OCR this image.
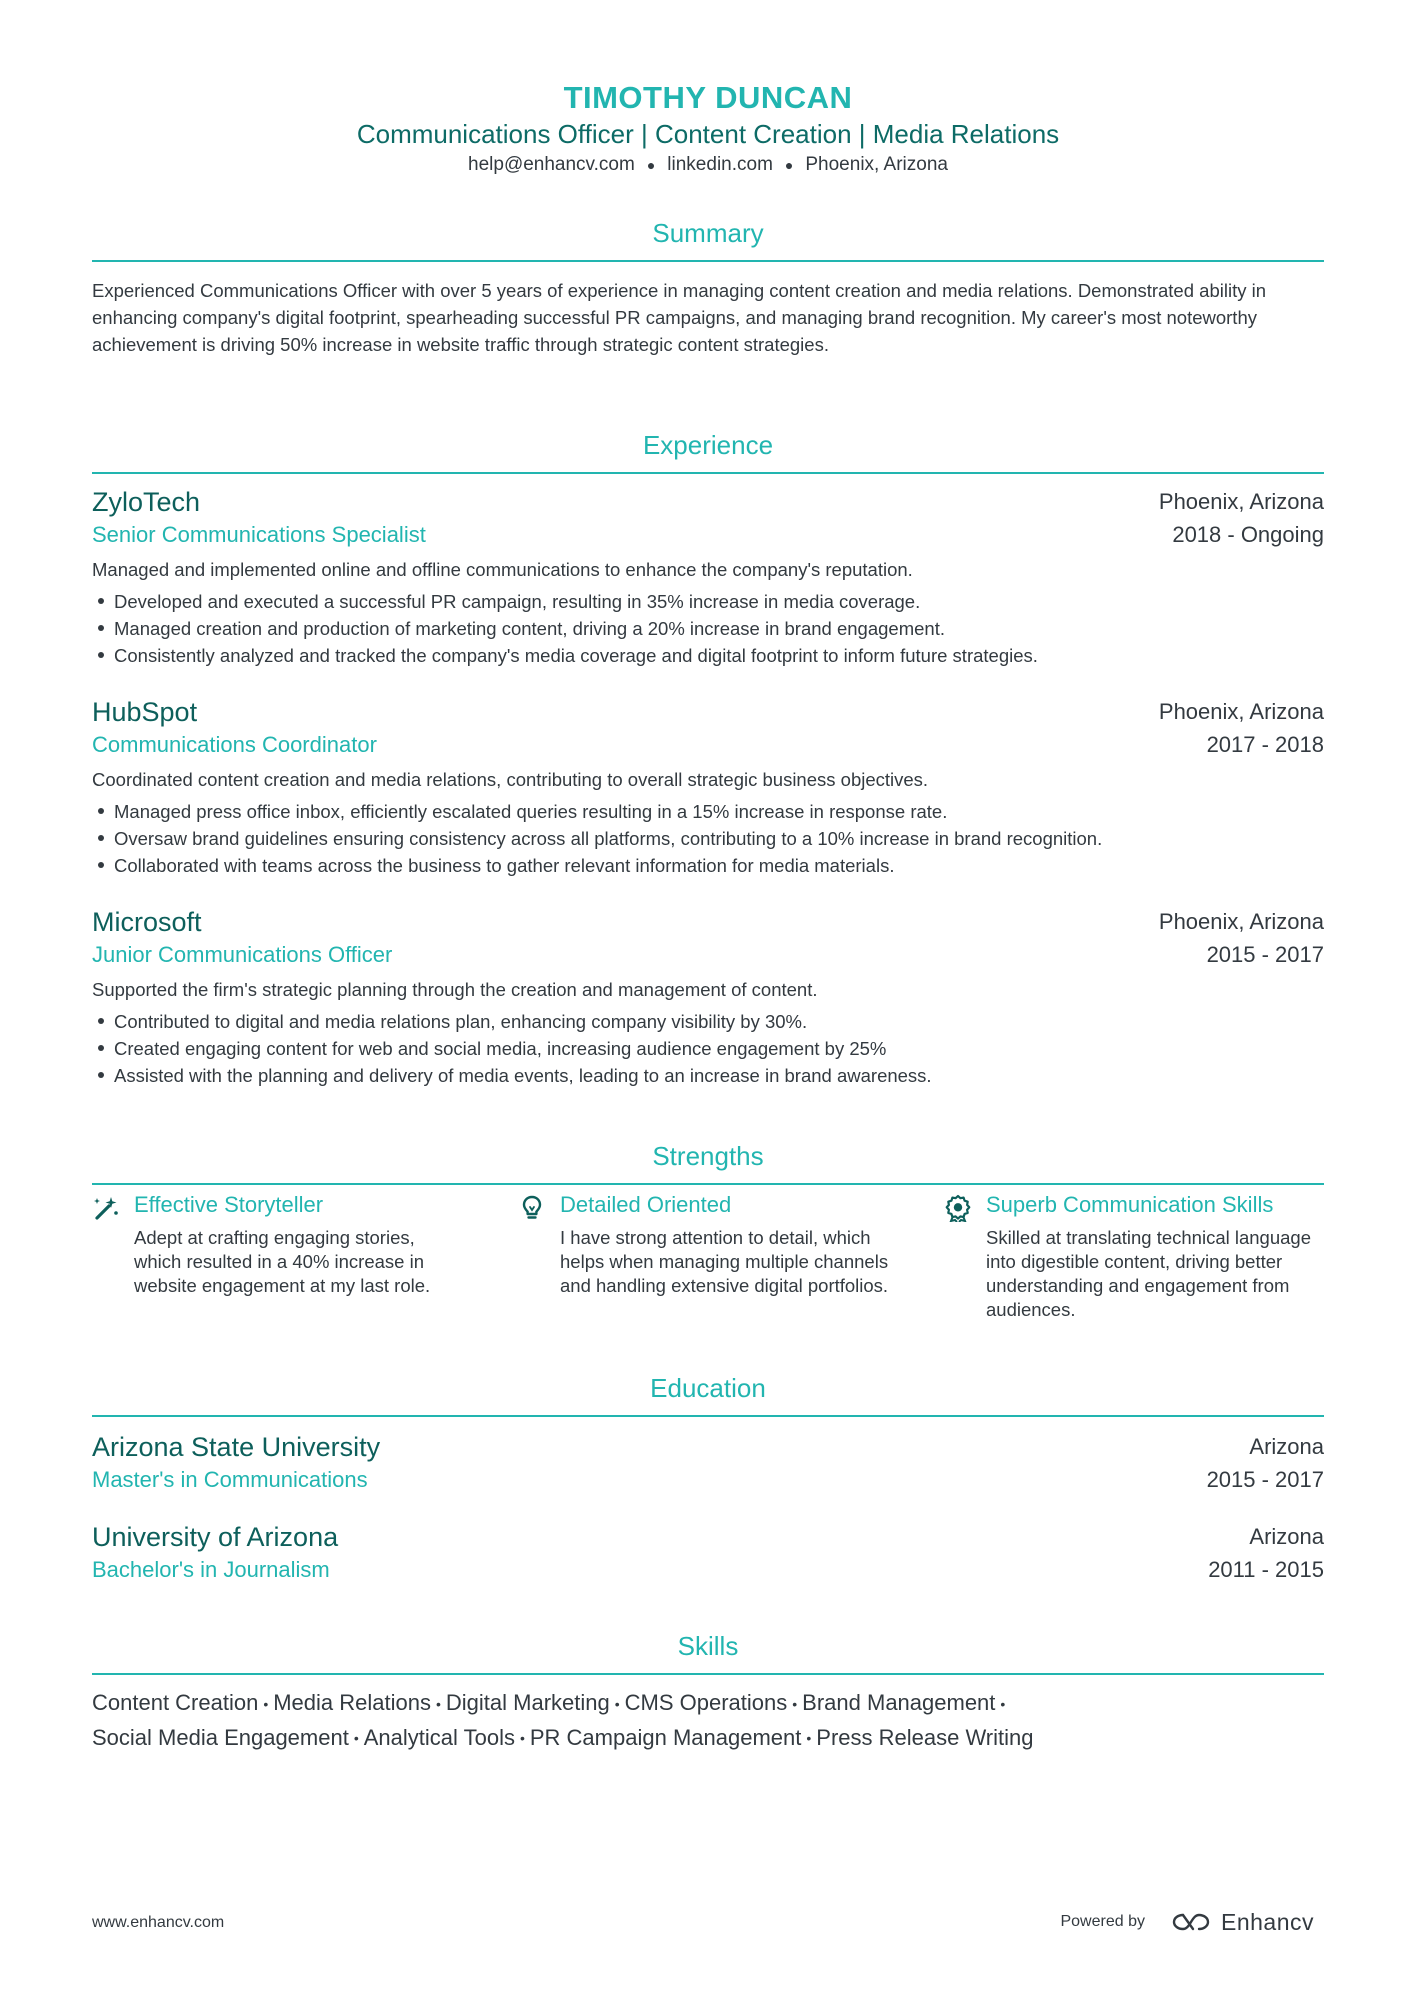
TIMOTHY DUNCAN
Communications Officer | Content Creation | Media Relations
help@enhancv.com ● linkedin.com ● Phoenix, Arizona
Summary
Experienced Communications Officer with over 5 years of experience in managing content creation and media relations. Demonstrated ability in enhancing company's digital footprint, spearheading successful PR campaigns, and managing brand recognition. My career's most noteworthy achievement is driving 50% increase in website traffic through strategic content strategies.
Experience
ZyloTech	Phoenix, Arizona
Senior Communications Specialist	2018 - Ongoing
Managed and implemented online and offline communications to enhance the company's reputation.
Developed and executed a successful PR campaign, resulting in 35% increase in media coverage.
Managed creation and production of marketing content, driving a 20% increase in brand engagement.
Consistently analyzed and tracked the company's media coverage and digital footprint to inform future strategies.
HubSpot	Phoenix, Arizona
Communications Coordinator	2017 - 2018
Coordinated content creation and media relations, contributing to overall strategic business objectives.
Managed press office inbox, efficiently escalated queries resulting in a 15% increase in response rate.
Oversaw brand guidelines ensuring consistency across all platforms, contributing to a 10% increase in brand recognition.
Collaborated with teams across the business to gather relevant information for media materials.
Microsoft	Phoenix, Arizona
Junior Communications Officer	2015 - 2017
Supported the firm's strategic planning through the creation and management of content.
Contributed to digital and media relations plan, enhancing company visibility by 30%.
Created engaging content for web and social media, increasing audience engagement by 25%
Assisted with the planning and delivery of media events, leading to an increase in brand awareness.
Strengths
Effective Storyteller
Adept at crafting engaging stories, which resulted in a 40% increase in website engagement at my last role.
Detailed Oriented
I have strong attention to detail, which helps when managing multiple channels and handling extensive digital portfolios.
Superb Communication Skills
Skilled at translating technical language into digestible content, driving better understanding and engagement from audiences.
Education
Arizona State University	Arizona
Master's in Communications	2015 - 2017
University of Arizona	Arizona
Bachelor's in Journalism	2011 - 2015
Skills
Content Creation • Media Relations • Digital Marketing • CMS Operations • Brand Management •
Social Media Engagement • Analytical Tools • PR Campaign Management • Press Release Writing
www.enhancv.com	Powered by	Enhancv
